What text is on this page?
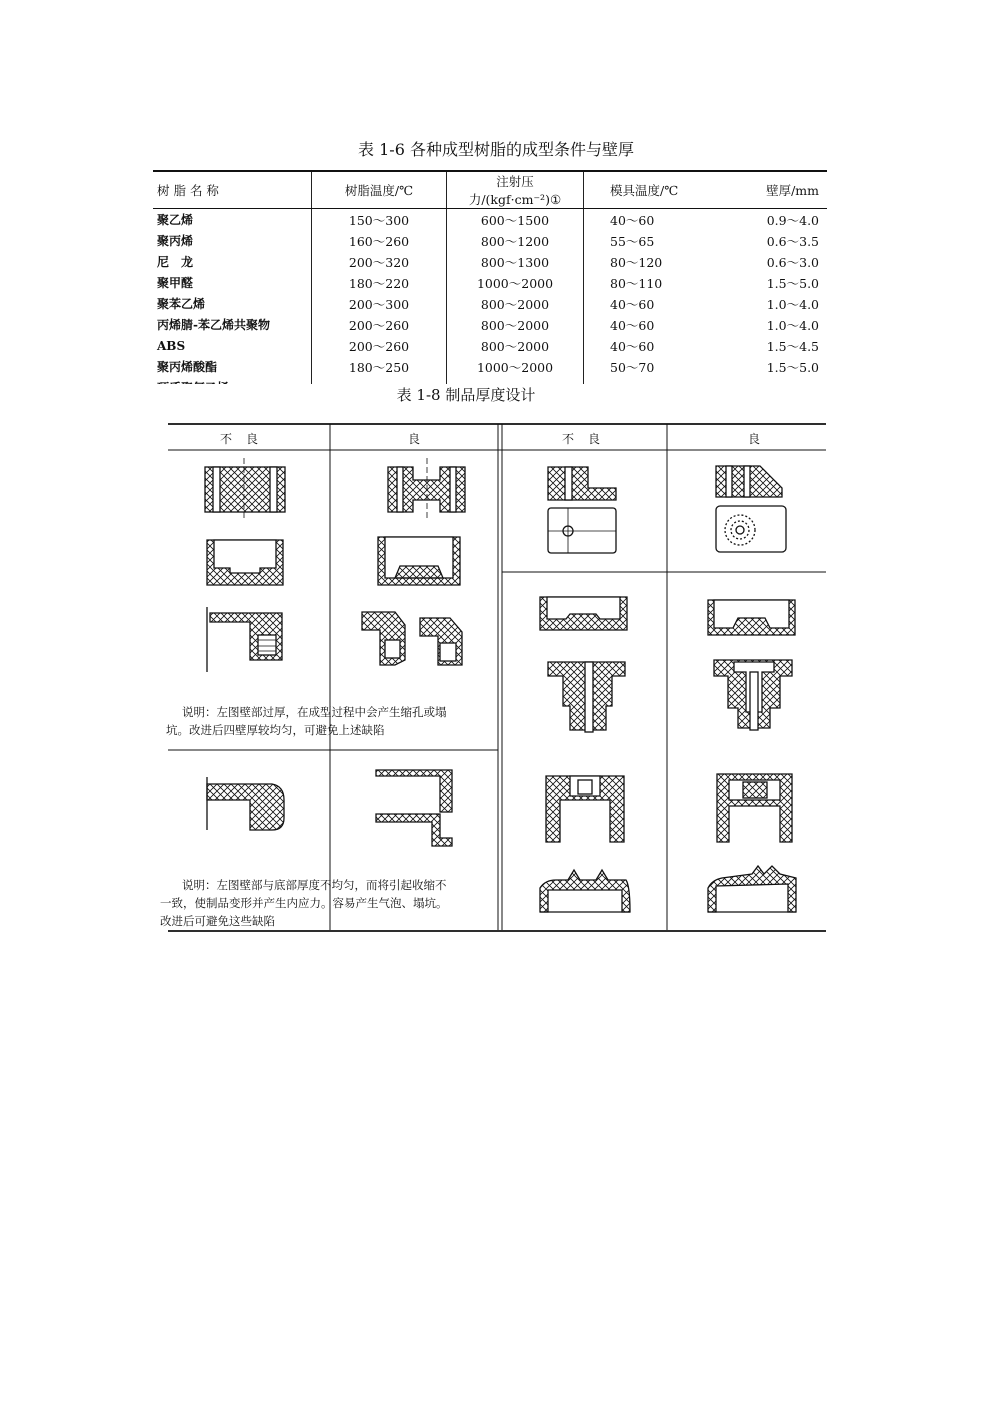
表 1-6 各种成型树脂的成型条件与壁厚
树 脂 名 称	树脂温度/℃	注射压力/(kgf·cm⁻²)①	模具温度/℃	壁厚/mm
聚乙烯	150～300	600～1500	40～60	0.9～4.0
聚丙烯	160～260	800～1200	55～65	0.6～3.5
尼　龙	200～320	800～1300	80～120	0.6～3.0
聚甲醛	180～220	1000～2000	80～110	1.5～5.0
聚苯乙烯	200～300	800～2000	40～60	1.0～4.0
丙烯腈-苯乙烯共聚物	200～260	800～2000	40～60	1.0～4.0
ABS	200～260	800～2000	40～60	1.5～4.5
聚丙烯酸酯	180～250	1000～2000	50～70	1.5～5.0

表 1-8 制品厚度设计
不良	良	不良	良
说明：左图壁部过厚，在成型过程中会产生缩孔或塌
坑。改进后四壁厚较均匀，可避免上述缺陷
说明：左图壁部与底部厚度不均匀，而将引起收缩不
一致，使制品变形并产生内应力。容易产生气泡、塌坑。
改进后可避免这些缺陷
